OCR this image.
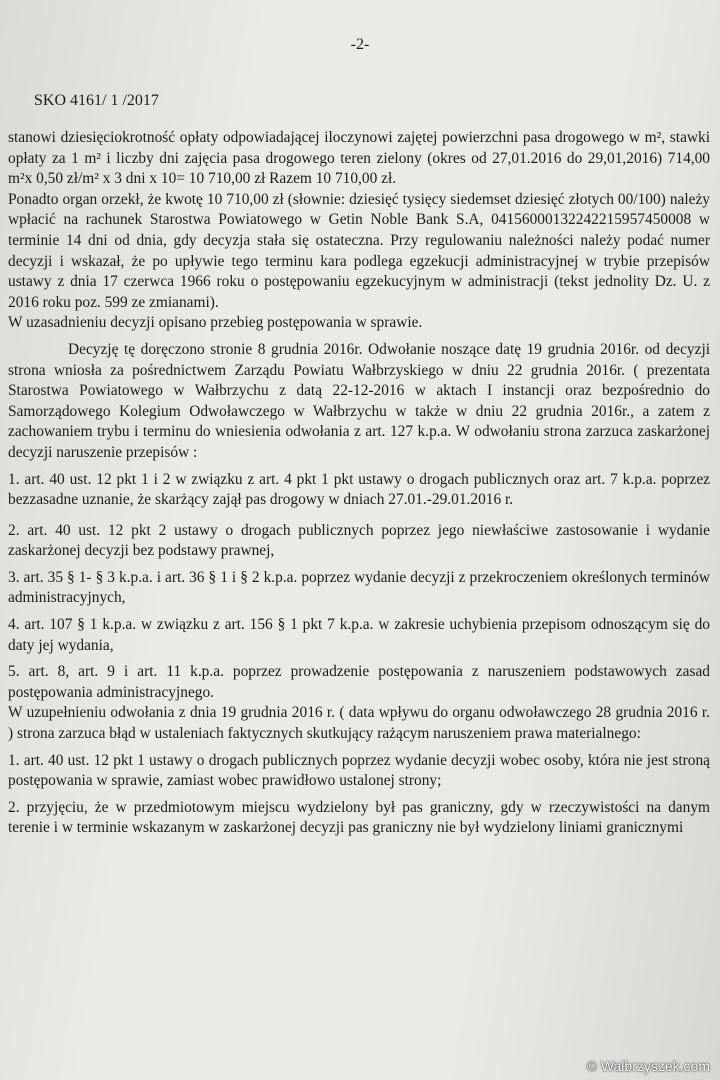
-2-
SKO 4161/ 1 /2017

stanowi dziesięciokrotność opłaty odpowiadającej iloczynowi zajętej powierzchni pasa drogowego w m², stawki opłaty za 1 m² i liczby dni zajęcia pasa drogowego teren zielony (okres od 27,01.2016 do 29,01,2016) 714,00 m²x 0,50 zł/m² x 3 dni x 10= 10 710,00 zł Razem 10 710,00 zł.

Ponadto organ orzekł, że kwotę 10 710,00 zł (słownie: dziesięć tysięcy siedemset dziesięć złotych 00/100) należy wpłacić na rachunek Starostwa Powiatowego w Getin Noble Bank S.A, 04156000132242215957450008 w terminie 14 dni od dnia, gdy decyzja stała się ostateczna. Przy regulowaniu należności należy podać numer decyzji i wskazał, że po upływie tego terminu kara podlega egzekucji administracyjnej w trybie przepisów ustawy z dnia 17 czerwca 1966 roku o postępowaniu egzekucyjnym w administracji (tekst jednolity Dz. U. z 2016 roku poz. 599 ze zmianami).

W uzasadnieniu decyzji opisano przebieg postępowania w sprawie.

Decyzję tę doręczono stronie 8 grudnia 2016r. Odwołanie noszące datę 19 grudnia 2016r. od decyzji strona wniosła za pośrednictwem Zarządu Powiatu Wałbrzyskiego w dniu 22 grudnia 2016r. ( prezentata Starostwa Powiatowego w Wałbrzychu z datą 22-12-2016 w aktach I instancji oraz bezpośrednio do Samorządowego Kolegium Odwoławczego w Wałbrzychu w także w dniu 22 grudnia 2016r., a zatem z zachowaniem trybu i terminu do wniesienia odwołania z art. 127 k.p.a. W odwołaniu strona zarzuca zaskarżonej decyzji naruszenie przepisów :

1. art. 40 ust. 12 pkt 1 i 2 w związku z art. 4 pkt 1 pkt ustawy o drogach publicznych oraz art. 7 k.p.a. poprzez bezzasadne uznanie, że skarżący zajął pas drogowy w dniach 27.01.-29.01.2016 r.

2. art. 40 ust. 12 pkt 2 ustawy o drogach publicznych poprzez jego niewłaściwe zastosowanie i wydanie zaskarżonej decyzji bez podstawy prawnej,

3. art. 35 § 1- § 3 k.p.a. i art. 36 § 1 i § 2 k.p.a. poprzez wydanie decyzji z przekroczeniem określonych terminów administracyjnych,

4. art. 107 § 1 k.p.a. w związku z art. 156 § 1 pkt 7 k.p.a. w zakresie uchybienia przepisom odnoszącym się do daty jej wydania,

5. art. 8, art. 9 i art. 11 k.p.a. poprzez prowadzenie postępowania z naruszeniem podstawowych zasad postępowania administracyjnego.

W uzupełnieniu odwołania z dnia 19 grudnia 2016 r. ( data wpływu do organu odwoławczego 28 grudnia 2016 r. ) strona zarzuca błąd w ustaleniach faktycznych skutkujący rażącym naruszeniem prawa materialnego:

1. art. 40 ust. 12 pkt 1 ustawy o drogach publicznych poprzez wydanie decyzji wobec osoby, która nie jest stroną postępowania w sprawie, zamiast wobec prawidłowo ustalonej strony;

2. przyjęciu, że w przedmiotowym miejscu wydzielony był pas graniczny, gdy w rzeczywistości na danym terenie i w terminie wskazanym w zaskarżonej decyzji pas graniczny nie był wydzielony liniami granicznymi

© Walbrzyszek.com
